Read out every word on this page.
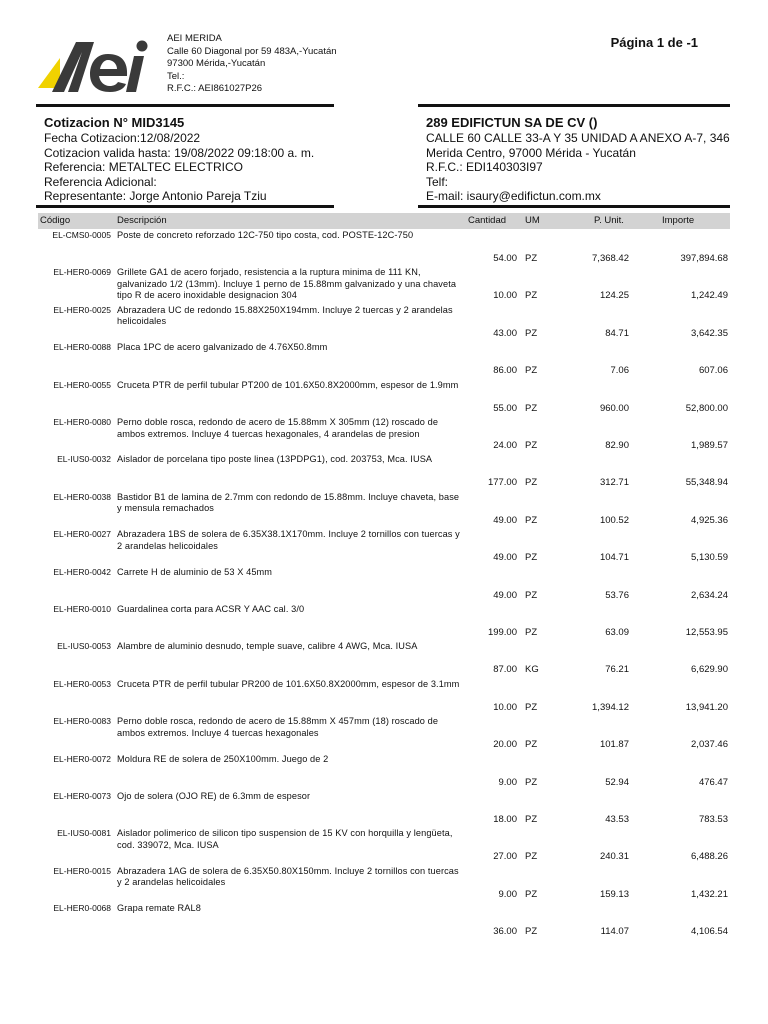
AEI MERIDA
Calle 60 Diagonal por 59 483A,-Yucatán
97300 Mérida,-Yucatán
Tel.:
R.F.C.: AEI861027P26
Página 1 de -1
Cotizacion N° MID3145
Fecha Cotizacion:12/08/2022
Cotizacion valida hasta: 19/08/2022 09:18:00 a. m.
Referencia: METALTEC ELECTRICO
Referencia Adicional:
Representante: Jorge Antonio Pareja Tziu
289 EDIFICTUN SA DE CV ()
CALLE 60 CALLE 33-A Y 35 UNIDAD A ANEXO A-7, 346
Merida Centro, 97000 Mérida - Yucatán
R.F.C.: EDI140303I97
Telf:
E-mail: isaury@edifictun.com.mx
Código	Descripción	Cantidad UM	P. Unit.	Importe
EL-CMS0-0005 Poste de concreto reforzado 12C-750 tipo costa, cod. POSTE-12C-750
54.00 PZ	7,368.42	397,894.68
EL-HER0-0069 Grillete GA1 de acero forjado, resistencia a la ruptura minima de 111 KN, galvanizado 1/2 (13mm). Incluye 1 perno de 15.88mm galvanizado y una chaveta tipo R de acero inoxidable designacion 304	10.00 PZ	124.25	1,242.49
EL-HER0-0025 Abrazadera UC de redondo 15.88X250X194mm. Incluye 2 tuercas y 2 arandelas helicoidales
43.00 PZ	84.71	3,642.35
EL-HER0-0088 Placa 1PC de acero galvanizado de 4.76X50.8mm
86.00 PZ	7.06	607.06
EL-HER0-0055 Cruceta PTR de perfil tubular PT200 de 101.6X50.8X2000mm, espesor de 1.9mm
55.00 PZ	960.00	52,800.00
EL-HER0-0080 Perno doble rosca, redondo de acero de 15.88mm X 305mm (12) roscado de ambos extremos. Incluye 4 tuercas hexagonales, 4 arandelas de presion
24.00 PZ	82.90	1,989.57
EL-IUS0-0032 Aislador de porcelana tipo poste linea (13PDPG1), cod. 203753, Mca. IUSA
177.00 PZ	312.71	55,348.94
EL-HER0-0038 Bastidor B1 de lamina de 2.7mm con redondo de 15.88mm. Incluye chaveta, base y mensula remachados
49.00 PZ	100.52	4,925.36
EL-HER0-0027 Abrazadera 1BS de solera de 6.35X38.1X170mm. Incluye 2 tornillos con tuercas y 2 arandelas helicoidales
49.00 PZ	104.71	5,130.59
EL-HER0-0042 Carrete H de aluminio de 53 X 45mm
49.00 PZ	53.76	2,634.24
EL-HER0-0010 Guardalinea corta para ACSR Y AAC cal. 3/0
199.00 PZ	63.09	12,553.95
EL-IUS0-0053 Alambre de aluminio desnudo, temple suave, calibre 4 AWG, Mca. IUSA
87.00 KG	76.21	6,629.90
EL-HER0-0053 Cruceta PTR de perfil tubular PR200 de 101.6X50.8X2000mm, espesor de 3.1mm
10.00 PZ	1,394.12	13,941.20
EL-HER0-0083 Perno doble rosca, redondo de acero de 15.88mm X 457mm (18) roscado de ambos extremos. Incluye 4 tuercas hexagonales
20.00 PZ	101.87	2,037.46
EL-HER0-0072 Moldura RE de solera de 250X100mm. Juego de 2
9.00 PZ	52.94	476.47
EL-HER0-0073 Ojo de solera (OJO RE) de 6.3mm de espesor
18.00 PZ	43.53	783.53
EL-IUS0-0081 Aislador polimerico de silicon tipo suspension de 15 KV con horquilla y lengüeta, cod. 339072, Mca. IUSA
27.00 PZ	240.31	6,488.26
EL-HER0-0015 Abrazadera 1AG de solera de 6.35X50.80X150mm. Incluye 2 tornillos con tuercas y 2 arandelas helicoidales
9.00 PZ	159.13	1,432.21
EL-HER0-0068 Grapa remate RAL8
36.00 PZ	114.07	4,106.54
